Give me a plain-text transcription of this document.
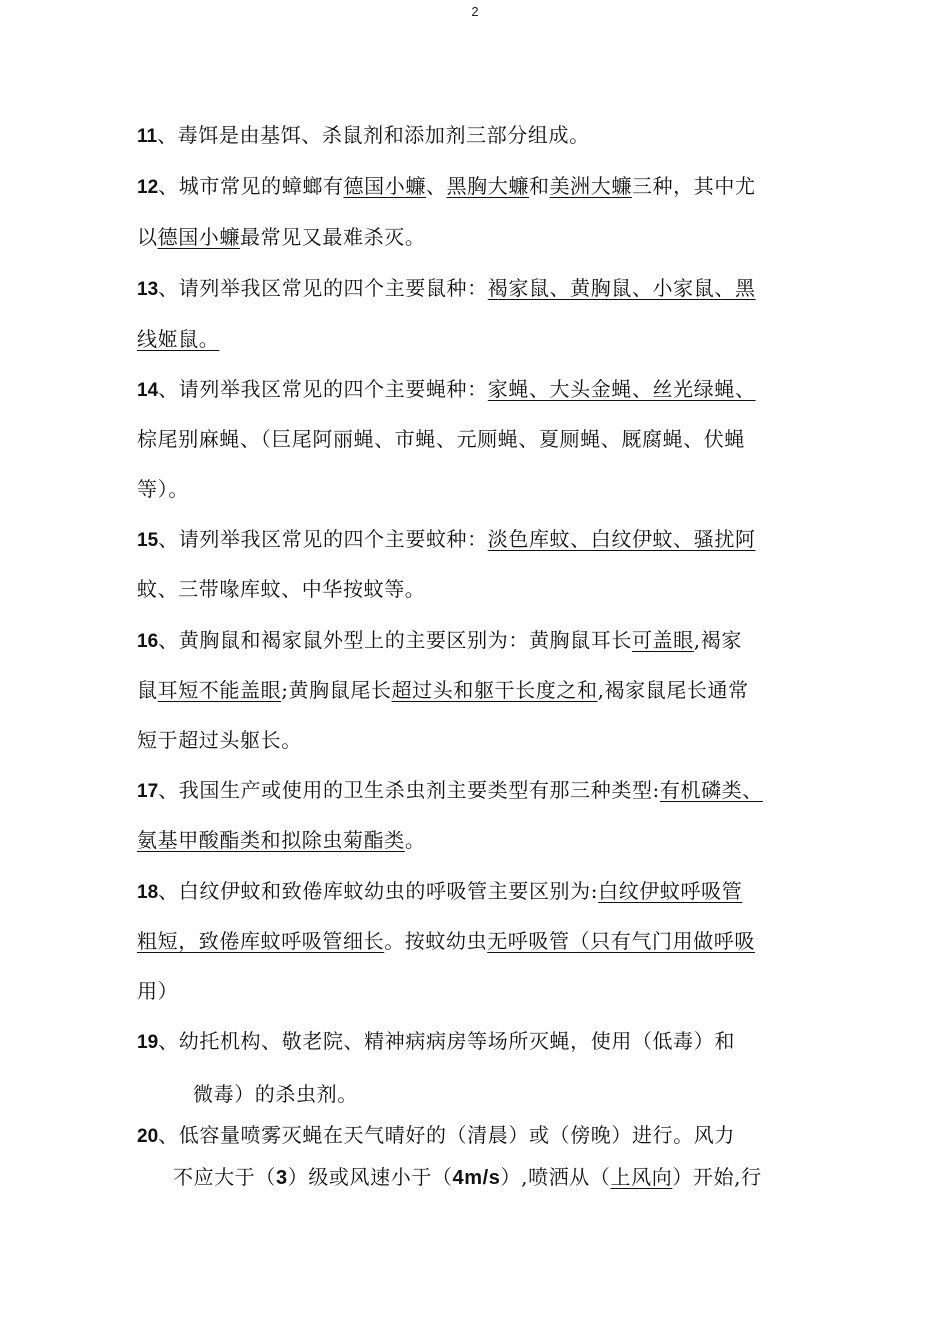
2
11、毒饵是由基饵、杀鼠剂和添加剂三部分组成。
12、城市常见的蟑螂有德国小蠊、黑胸大蠊和美洲大蠊三种，其中尤
以德国小蠊最常见又最难杀灭。
13、请列举我区常见的四个主要鼠种：褐家鼠、黄胸鼠、小家鼠、黑
线姬鼠。
14、请列举我区常见的四个主要蝇种：家蝇、大头金蝇、丝光绿蝇、
棕尾别麻蝇、（巨尾阿丽蝇、市蝇、元厕蝇、夏厕蝇、厩腐蝇、伏蝇
等）。
15、请列举我区常见的四个主要蚊种：淡色库蚊、白纹伊蚊、骚扰阿
蚊、三带喙库蚊、中华按蚊等。
16、黄胸鼠和褐家鼠外型上的主要区别为：黄胸鼠耳长可盖眼,褐家
鼠耳短不能盖眼;黄胸鼠尾长超过头和躯干长度之和,褐家鼠尾长通常
短于超过头躯长。
17、我国生产或使用的卫生杀虫剂主要类型有那三种类型:有机磷类、
氨基甲酸酯类和拟除虫菊酯类。
18、白纹伊蚊和致倦库蚊幼虫的呼吸管主要区别为:白纹伊蚊呼吸管
粗短，致倦库蚊呼吸管细长。按蚊幼虫无呼吸管（只有气门用做呼吸
用）
19、幼托机构、敬老院、精神病病房等场所灭蝇，使用（低毒）和
微毒）的杀虫剂。
20、低容量喷雾灭蝇在天气晴好的（清晨）或（傍晚）进行。风力
不应大于（3）级或风速小于（4m/s）,喷洒从（上风向）开始,行
